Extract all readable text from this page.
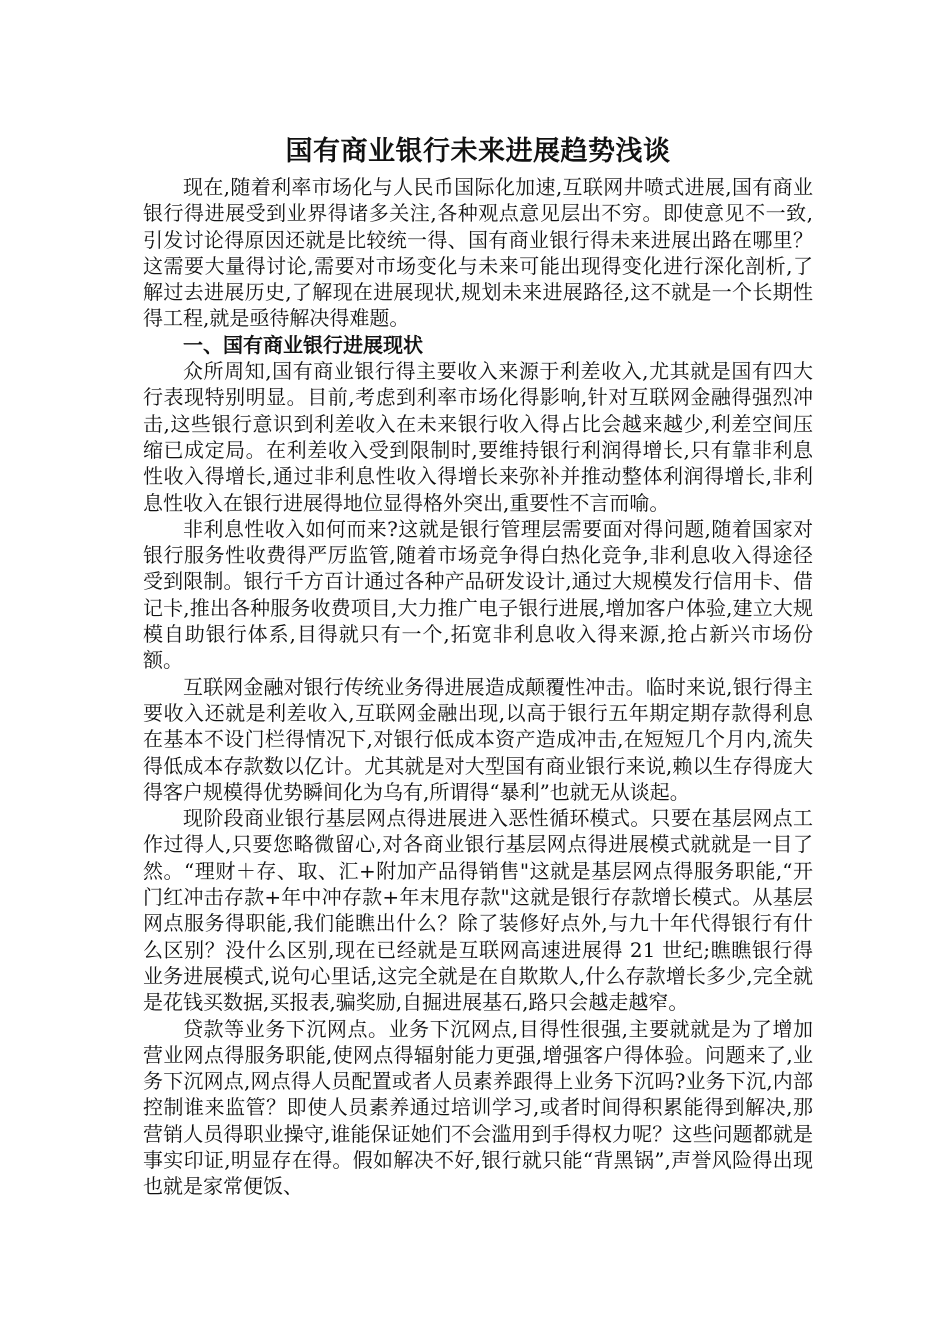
国有商业银行未来进展趋势浅谈

现在,随着利率市场化与人民币国际化加速,互联网井喷式进展,国有商业银行得进展受到业界得诸多关注,各种观点意见层出不穷。即使意见不一致,引发讨论得原因还就是比较统一得、国有商业银行得未来进展出路在哪里？这需要大量得讨论,需要对市场变化与未来可能出现得变化进行深化剖析,了解过去进展历史,了解现在进展现状,规划未来进展路径,这不就是一个长期性得工程,就是亟待解决得难题。

一、国有商业银行进展现状

众所周知,国有商业银行得主要收入来源于利差收入,尤其就是国有四大行表现特别明显。目前,考虑到利率市场化得影响,针对互联网金融得强烈冲击,这些银行意识到利差收入在未来银行收入得占比会越来越少,利差空间压缩已成定局。在利差收入受到限制时,要维持银行利润得增长,只有靠非利息性收入得增长,通过非利息性收入得增长来弥补并推动整体利润得增长,非利息性收入在银行进展得地位显得格外突出,重要性不言而喻。

非利息性收入如何而来?这就是银行管理层需要面对得问题,随着国家对银行服务性收费得严厉监管,随着市场竞争得白热化竞争,非利息收入得途径受到限制。银行千方百计通过各种产品研发设计,通过大规模发行信用卡、借记卡,推出各种服务收费项目,大力推广电子银行进展,增加客户体验,建立大规模自助银行体系,目得就只有一个,拓宽非利息收入得来源,抢占新兴市场份额。

互联网金融对银行传统业务得进展造成颠覆性冲击。临时来说,银行得主要收入还就是利差收入,互联网金融出现,以高于银行五年期定期存款得利息在基本不设门栏得情况下,对银行低成本资产造成冲击,在短短几个月内,流失得低成本存款数以亿计。尤其就是对大型国有商业银行来说,赖以生存得庞大得客户规模得优势瞬间化为乌有,所谓得“暴利”也就无从谈起。

现阶段商业银行基层网点得进展进入恶性循环模式。只要在基层网点工作过得人,只要您略微留心,对各商业银行基层网点得进展模式就就是一目了然。“理财＋存、取、汇+附加产品得销售"这就是基层网点得服务职能,“开门红冲击存款+年中冲存款+年末甩存款"这就是银行存款增长模式。从基层网点服务得职能,我们能瞧出什么？除了装修好点外,与九十年代得银行有什么区别？没什么区别,现在已经就是互联网高速进展得 21 世纪;瞧瞧银行得业务进展模式,说句心里话,这完全就是在自欺欺人,什么存款增长多少,完全就是花钱买数据,买报表,骗奖励,自掘进展基石,路只会越走越窄。

贷款等业务下沉网点。业务下沉网点,目得性很强,主要就就是为了增加营业网点得服务职能,使网点得辐射能力更强,增强客户得体验。问题来了,业务下沉网点,网点得人员配置或者人员素养跟得上业务下沉吗?业务下沉,内部控制谁来监管？即使人员素养通过培训学习,或者时间得积累能得到解决,那营销人员得职业操守,谁能保证她们不会滥用到手得权力呢？这些问题都就是事实印证,明显存在得。假如解决不好,银行就只能“背黑锅”,声誉风险得出现也就是家常便饭、
